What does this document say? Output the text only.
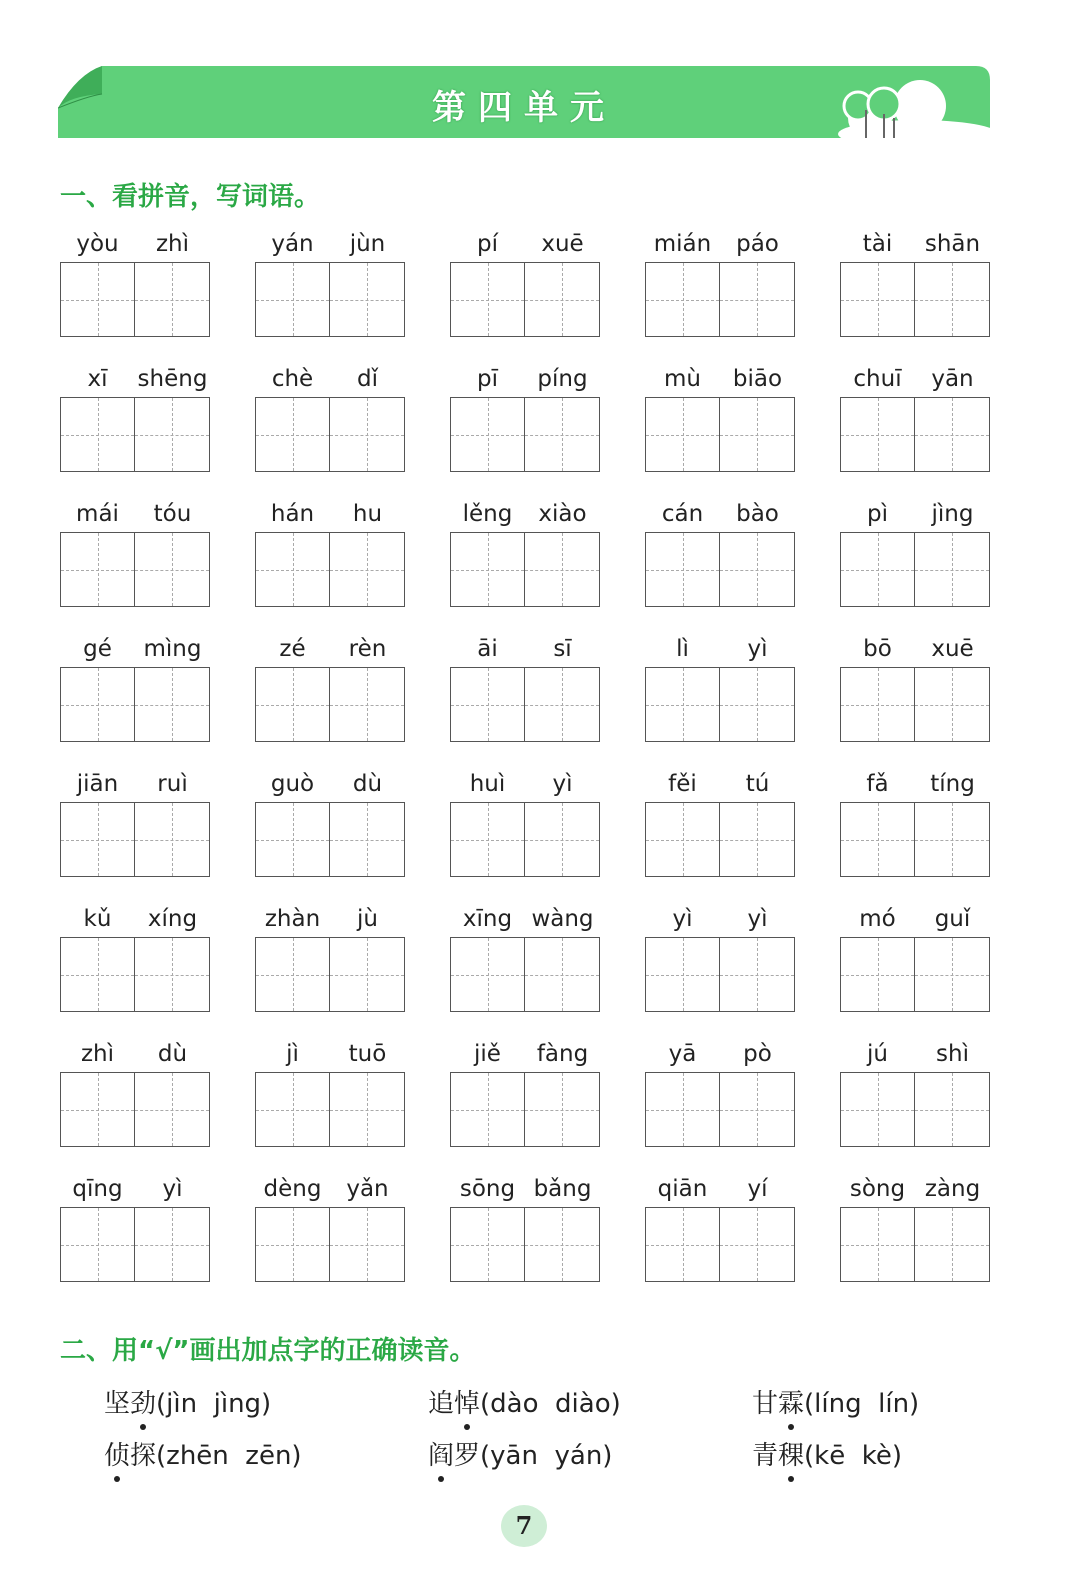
第四单元
一、看拼音，写词语。
yòu	zhì	yán	jùn	pí	xuē	mián	páo	tài	shān
xī	shēng	chè	dǐ	pī	píng	mù	biāo	chuī	yān
mái	tóu	hán	hu	lěng	xiào	cán	bào	pì	jìng
gé	mìng	zé	rèn	āi	sī	lì	yì	bō	xuē
jiān	ruì	guò	dù	huì	yì	fěi	tú	fǎ	tíng
kǔ	xíng	zhàn	jù	xīng wàng	yì	yì	mó	guǐ
zhì	dù	jì	tuō	jiě	fàng	yā	pò	jú	shì
qīng	yì	dèng	yǎn	sōng bǎng	qiān	yí	sòng zàng
二、用“√”画出加点字的正确读音。
坚劲(jìn  jìng)	追悼(dào  diào)	甘霖(líng  lín)
侦探(zhēn  zēn)	阎罗(yān  yán)	青稞(kē  kè)
7
